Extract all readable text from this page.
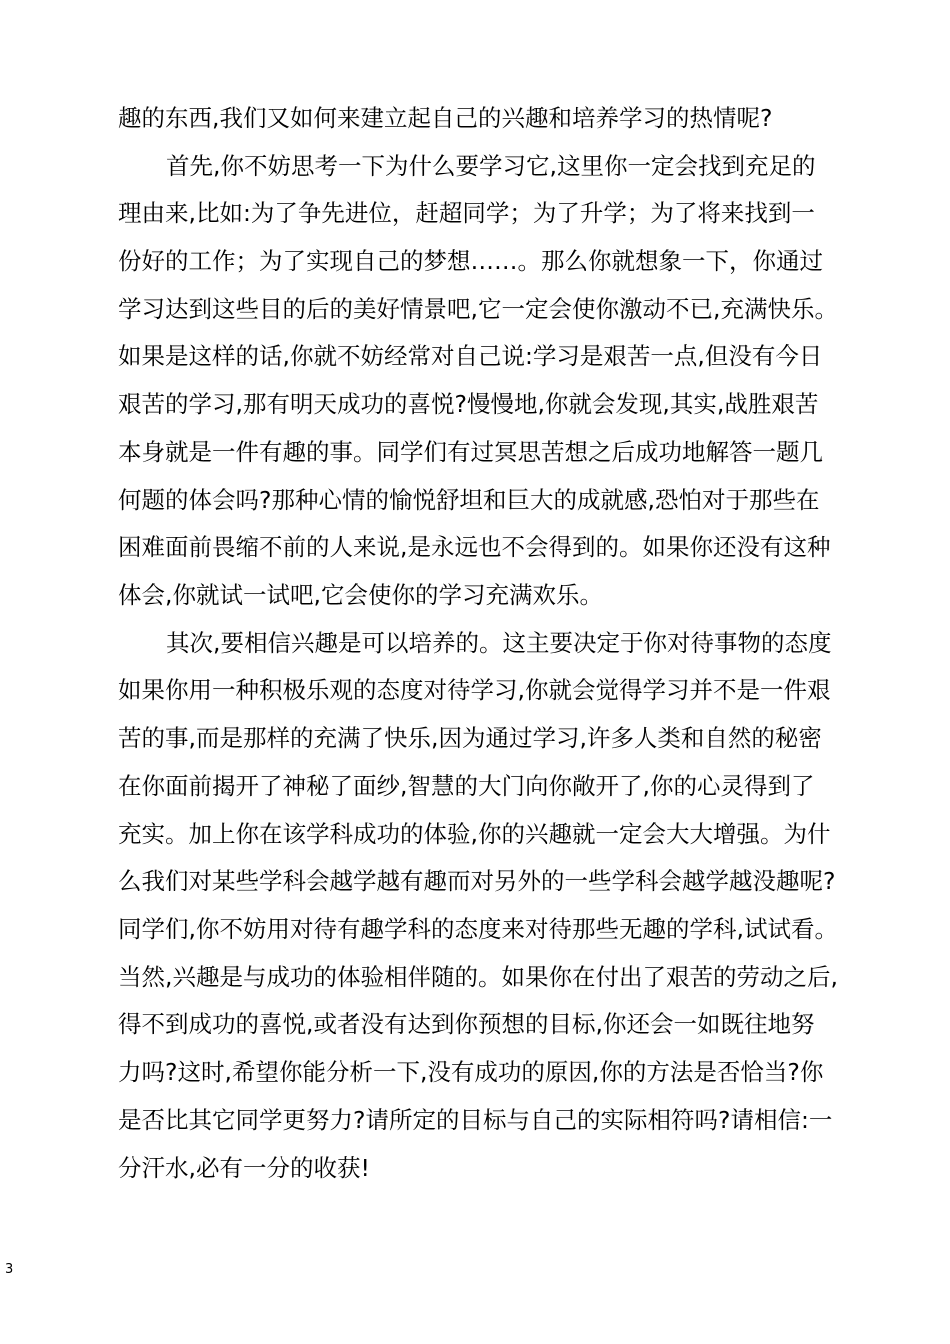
趣的东西,我们又如何来建立起自己的兴趣和培养学习的热情呢?
首先,你不妨思考一下为什么要学习它,这里你一定会找到充足的
理由来,比如:为了争先进位，赶超同学；为了升学；为了将来找到一
份好的工作；为了实现自己的梦想……。那么你就想象一下，你通过
学习达到这些目的后的美好情景吧,它一定会使你激动不已,充满快乐。
如果是这样的话,你就不妨经常对自己说:学习是艰苦一点,但没有今日
艰苦的学习,那有明天成功的喜悦?慢慢地,你就会发现,其实,战胜艰苦
本身就是一件有趣的事。同学们有过冥思苦想之后成功地解答一题几
何题的体会吗?那种心情的愉悦舒坦和巨大的成就感,恐怕对于那些在
困难面前畏缩不前的人来说,是永远也不会得到的。如果你还没有这种
体会,你就试一试吧,它会使你的学习充满欢乐。
其次,要相信兴趣是可以培养的。这主要决定于你对待事物的态度
如果你用一种积极乐观的态度对待学习,你就会觉得学习并不是一件艰
苦的事,而是那样的充满了快乐,因为通过学习,许多人类和自然的秘密
在你面前揭开了神秘了面纱,智慧的大门向你敞开了,你的心灵得到了
充实。加上你在该学科成功的体验,你的兴趣就一定会大大增强。为什
么我们对某些学科会越学越有趣而对另外的一些学科会越学越没趣呢?
同学们,你不妨用对待有趣学科的态度来对待那些无趣的学科,试试看。
当然,兴趣是与成功的体验相伴随的。如果你在付出了艰苦的劳动之后,
得不到成功的喜悦,或者没有达到你预想的目标,你还会一如既往地努
力吗?这时,希望你能分析一下,没有成功的原因,你的方法是否恰当?你
是否比其它同学更努力?请所定的目标与自己的实际相符吗?请相信:一
分汗水,必有一分的收获!
3
